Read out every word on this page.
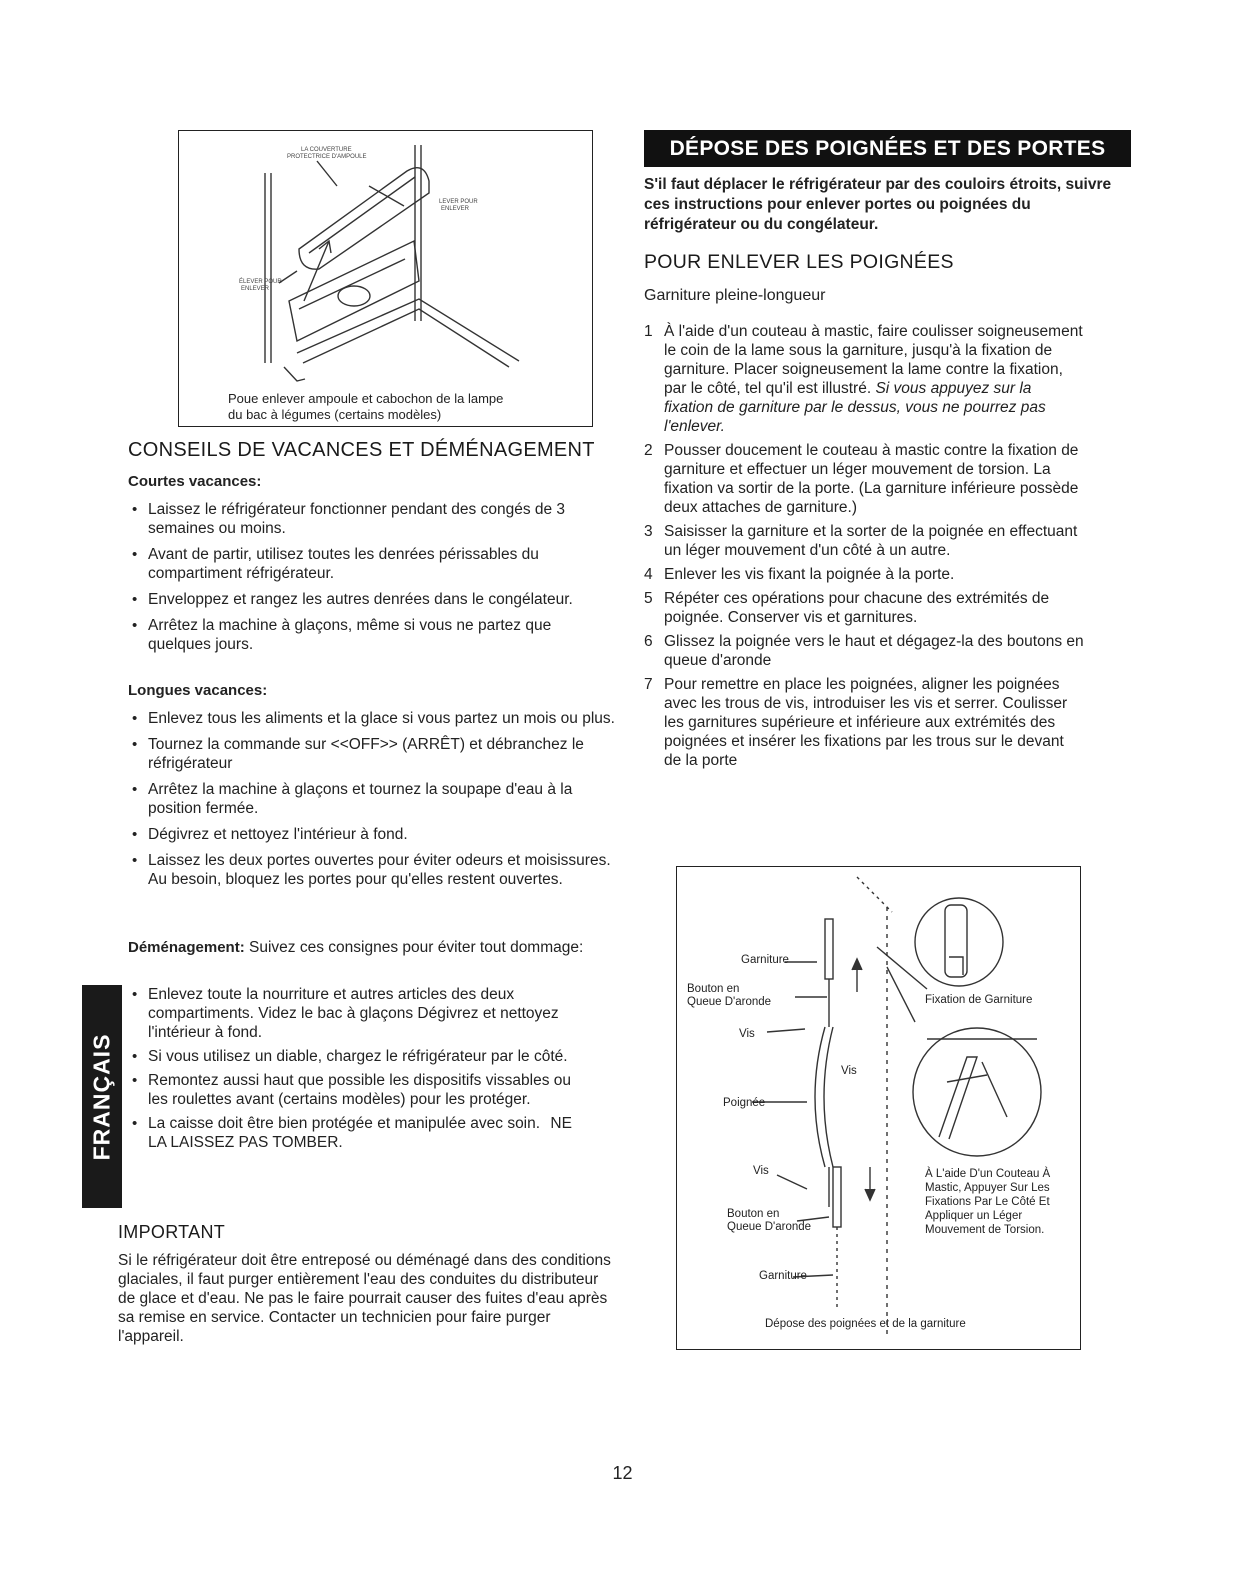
LA COUVERTURE
PROTECTRICE D'AMPOULE
LEVER POUR
ENLEVER
ÉLEVER POUR
ENLEVER
Poue enlever ampoule et cabochon de la lampe
du bac à légumes (certains modèles)
CONSEILS DE VACANCES ET DÉMÉNAGEMENT
Courtes vacances:
• Laissez le réfrigérateur fonctionner pendant des congés de 3 semaines ou moins.
• Avant de partir, utilisez toutes les denrées périssables du compartiment réfrigérateur.
• Enveloppez et rangez les autres denrées dans le congélateur.
• Arrêtez la machine à glaçons, même si vous ne partez que quelques jours.
Longues vacances:
• Enlevez tous les aliments et la glace si vous partez un mois ou plus.
• Tournez la commande sur <<OFF>> (ARRÊT) et débranchez le réfrigérateur
• Arrêtez la machine à glaçons et tournez la soupape d'eau à la position fermée.
• Dégivrez et nettoyez l'intérieur à fond.
• Laissez les deux portes ouvertes pour éviter odeurs et moisissures. Au besoin, bloquez les portes pour qu'elles restent ouvertes.
Déménagement: Suivez ces consignes pour éviter tout dommage:
FRANÇAIS
• Enlevez toute la nourriture et autres articles des deux compartiments. Videz le bac à glaçons Dégivrez et nettoyez l'intérieur à fond.
• Si vous utilisez un diable, chargez le réfrigérateur par le côté.
• Remontez aussi haut que possible les dispositifs vissables ou les roulettes avant (certains modèles) pour les protéger.
• La caisse doit être bien protégée et manipulée avec soin. NE LA LAISSEZ PAS TOMBER.
IMPORTANT
Si le réfrigérateur doit être entreposé ou déménagé dans des conditions glaciales, il faut purger entièrement l'eau des conduites du distributeur de glace et d'eau. Ne pas le faire pourrait causer des fuites d'eau après sa remise en service. Contacter un technicien pour faire purger l'appareil.
DÉPOSE DES POIGNÉES ET DES PORTES
S'il faut déplacer le réfrigérateur par des couloirs étroits, suivre ces instructions pour enlever portes ou poignées du réfrigérateur ou du congélateur.
POUR ENLEVER LES POIGNÉES
Garniture pleine-longueur
1 À l'aide d'un couteau à mastic, faire coulisser soigneusement le coin de la lame sous la garniture, jusqu'à la fixation de garniture. Placer soigneusement la lame contre la fixation, par le côté, tel qu'il est illustré. Si vous appuyez sur la fixation de garniture par le dessus, vous ne pourrez pas l'enlever.
2 Pousser doucement le couteau à mastic contre la fixation de garniture et effectuer un léger mouvement de torsion. La fixation va sortir de la porte. (La garniture inférieure possède deux attaches de garniture.)
3 Saisisser la garniture et la sorter de la poignée en effectuant un léger mouvement d'un côté à un autre.
4 Enlever les vis fixant la poignée à la porte.
5 Répéter ces opérations pour chacune des extrémités de poignée. Conserver vis et garnitures.
6 Glissez la poignée vers le haut et dégagez-la des boutons en queue d'aronde
7 Pour remettre en place les poignées, aligner les poignées avec les trous de vis, introduiser les vis et serrer. Coulisser les garnitures supérieure et inférieure aux extrémités des poignées et insérer les fixations par les trous sur le devant de la porte
Garniture
Bouton en
Queue D'aronde
Vis
Vis
Poignée
Vis
Bouton en
Queue D'aronde
Garniture
Fixation de Garniture
À L'aide D'un Couteau À
Mastic, Appuyer Sur Les
Fixations Par Le Côté Et
Appliquer un Léger
Mouvement de Torsion.
Dépose des poignées et de la garniture
12
